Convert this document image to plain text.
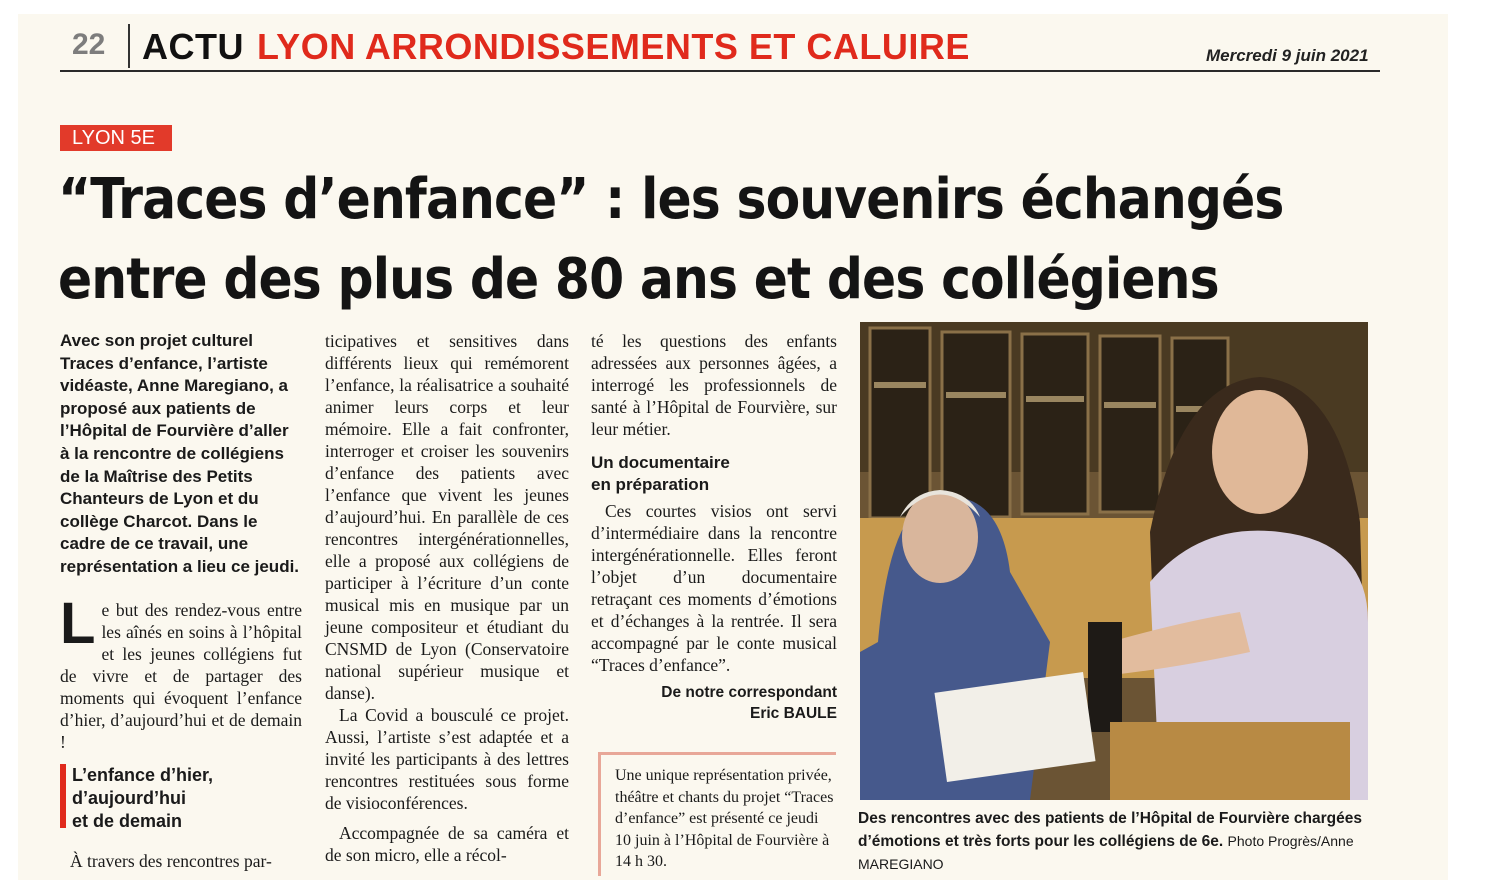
22 ACTU LYON ARRONDISSEMENTS ET CALUIRE	Mercredi 9 juin 2021
LYON 5E
“Traces d’enfance” : les souvenirs échangés
entre des plus de 80 ans et des collégiens

Avec son projet culturel Traces d’enfance, l’artiste vidéaste, Anne Maregiano, a proposé aux patients de l’Hôpital de Fourvière d’aller à la rencontre de collégiens de la Maîtrise des Petits Chanteurs de Lyon et du collège Charcot. Dans le cadre de ce travail, une représentation a lieu ce jeudi.

Le but des rendez-vous entre les aînés en soins à l’hôpital et les jeunes collégiens fut de vivre et de partager des moments qui évoquent l’enfance d’hier, d’aujourd’hui et de demain !

L’enfance d’hier,
d’aujourd’hui
et de demain

À travers des rencontres par-

ticipatives et sensitives dans différents lieux qui remémorent l’enfance, la réalisatrice a souhaité animer leurs corps et leur mémoire. Elle a fait confronter, interroger et croiser les souvenirs d’enfance des patients avec l’enfance que vivent les jeunes d’aujourd’hui. En parallèle de ces rencontres intergénérationnelles, elle a proposé aux collégiens de participer à l’écriture d’un conte musical mis en musique par un jeune compositeur et étudiant du CNSMD de Lyon (Conservatoire national supérieur musique et danse).

La Covid a bousculé ce projet. Aussi, l’artiste s’est adaptée et a invité les participants à des lettres rencontres restituées sous forme de visioconférences.

Accompagnée de sa caméra et de son micro, elle a récol-

té les questions des enfants adressées aux personnes âgées, a interrogé les professionnels de santé à l’Hôpital de Fourvière, sur leur métier.

Un documentaire
en préparation

Ces courtes visios ont servi d’intermédiaire dans la rencontre intergénérationnelle. Elles feront l’objet d’un documentaire retraçant ces moments d’émotions et d’échanges à la rentrée. Il sera accompagné par le conte musical “Traces d’enfance”.

De notre correspondant
Eric BAULE
Une unique représentation privée, théâtre et chants du projet “Traces d’enfance” est présenté ce jeudi 10 juin à l’Hôpital de Fourvière à 14 h 30.
Des rencontres avec des patients de l’Hôpital de Fourvière chargées d’émotions et très forts pour les collégiens de 6e. Photo Progrès/Anne MAREGIANO
